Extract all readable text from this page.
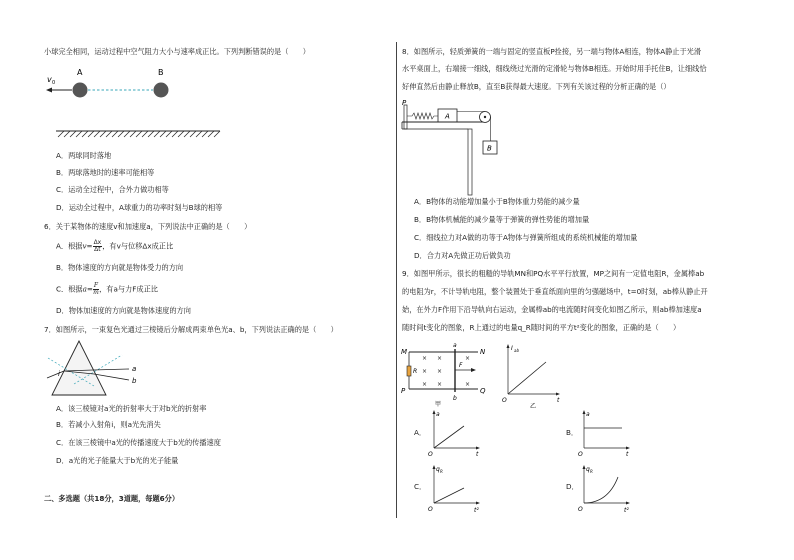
小球完全相同，运动过程中空气阻力大小与速率成正比。下列判断错误的是（　　）
v 0
A	B
A．两球同时落地
B．两球落地时的速率可能相等
C．运动全过程中，合外力做功相等
D．运动全过程中，A球重力的功率时刻与B球的相等
6．关于某物体的速度v和加速度a，下列说法中正确的是（　　）
A．根据$v= \frac{\Delta x}{\Delta t}$ ，有v与位移Δx成正比
B．物体速度的方向就是物体受力的方向
C．根据$a= \frac{F}{m}$ ，有a与力F成正比
D．物体加速度的方向就是物体速度的方向
7．如图所示，一束复色光通过三棱镜后分解成两束单色光a、b，下列说法正确的是（　　）
i
a
b
A．该三棱镜对a光的折射率大于对b光的折射率
B．若减小入射角i，则a光先消失
C．在该三棱镜中a光的传播速度大于b光的传播速度
D．a光的光子能量大于b光的光子能量
二、多选题（共18分，3道题，每题6分）
8．如图所示，轻质弹簧的一端与固定的竖直板P拴接，另一端与物体A相连，物体A静止于光滑
水平桌面上，右端接一细线，细线绕过光滑的定滑轮与物体B相连。开始时用手托住B，让细线恰
好伸直然后由静止释放B，直至B获得最大速度。下列有关该过程的分析正确的是（）
P
A
B
A．B物体的动能增加量小于B物体重力势能的减少量
B．B物体机械能的减少量等于弹簧的弹性势能的增加量
C．细线拉力对A做的功等于A物体与弹簧所组成的系统机械能的增加量
D．合力对A先做正功后做负功
9．如图甲所示，很长的粗糙的导轨MN和PQ水平平行放置，MP之间有一定值电阻R，金属棒ab
的电阻为r，不计导轨电阻，整个装置处于垂直纸面向里的匀强磁场中，t=0时刻，ab棒从静止开
始，在外力F作用下沿导轨向右运动，金属棒ab的电流随时间变化如图乙所示，则ab棒加速度a
随时间t变化的图象，R上通过的电量q_R随时间的平方t²变化的图象，正确的是（　　）
M	N
P	Q
R
a
b
F
× ×	×
× ×
× ×	×
甲
I ab
t
O
乙
A．
a
t
O
B．
a
t
O
C．
q R
t²
O
D．
q R
t²
O
